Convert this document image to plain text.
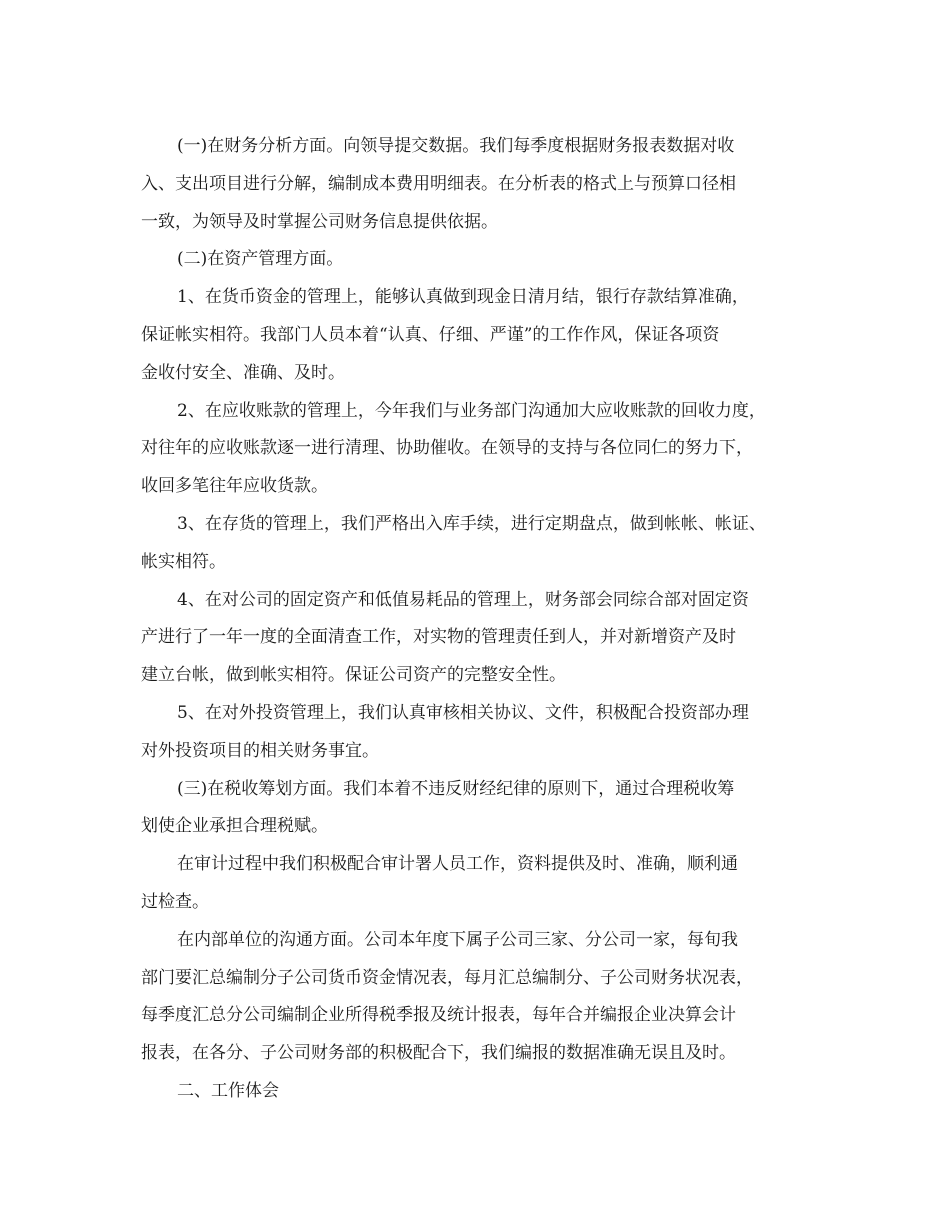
(一)在财务分析方面。向领导提交数据。我们每季度根据财务报表数据对收
入、支出项目进行分解，编制成本费用明细表。在分析表的格式上与预算口径相
一致，为领导及时掌握公司财务信息提供依据。
(二)在资产管理方面。
1、在货币资金的管理上，能够认真做到现金日清月结，银行存款结算准确，
保证帐实相符。我部门人员本着“认真、仔细、严谨”的工作作风，保证各项资
金收付安全、准确、及时。
2、在应收账款的管理上，今年我们与业务部门沟通加大应收账款的回收力度，
对往年的应收账款逐一进行清理、协助催收。在领导的支持与各位同仁的努力下，
收回多笔往年应收货款。
3、在存货的管理上，我们严格出入库手续，进行定期盘点，做到帐帐、帐证、
帐实相符。
4、在对公司的固定资产和低值易耗品的管理上，财务部会同综合部对固定资
产进行了一年一度的全面清查工作，对实物的管理责任到人，并对新增资产及时
建立台帐，做到帐实相符。保证公司资产的完整安全性。
5、在对外投资管理上，我们认真审核相关协议、文件，积极配合投资部办理
对外投资项目的相关财务事宜。
(三)在税收筹划方面。我们本着不违反财经纪律的原则下，通过合理税收筹
划使企业承担合理税赋。
在审计过程中我们积极配合审计署人员工作，资料提供及时、准确，顺利通
过检查。
在内部单位的沟通方面。公司本年度下属子公司三家、分公司一家，每旬我
部门要汇总编制分子公司货币资金情况表，每月汇总编制分、子公司财务状况表，
每季度汇总分公司编制企业所得税季报及统计报表，每年合并编报企业决算会计
报表，在各分、子公司财务部的积极配合下，我们编报的数据准确无误且及时。
二、工作体会
